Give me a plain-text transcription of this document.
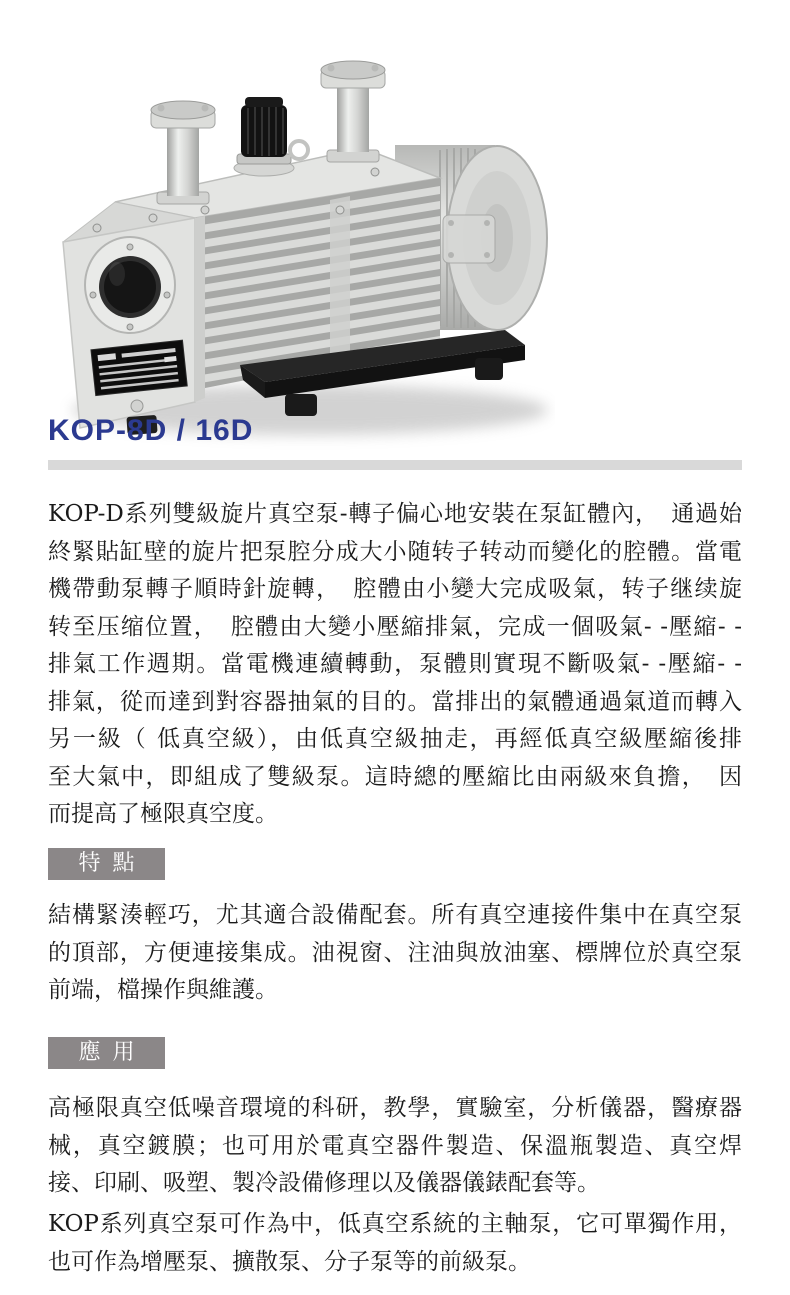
KOP-8D / 16D
KOP-D系列雙級旋片真空泵-轉子偏心地安裝在泵缸體內，　通過始
終緊貼缸壁的旋片把泵腔分成大小随转子转动而變化的腔體。當電
機帶動泵轉子順時針旋轉，　腔體由小變大完成吸氣，转子继续旋
转至压缩位置，　腔體由大變小壓縮排氣，完成一個吸氣- -壓縮- -
排氣工作週期。當電機連續轉動，泵體則實現不斷吸氣- -壓縮- -
排氣，從而達到對容器抽氣的目的。當排出的氣體通過氣道而轉入
另一級（ 低真空級），由低真空級抽走，再經低真空級壓縮後排
至大氣中，即組成了雙級泵。這時總的壓縮比由兩級來負擔，　因
而提高了極限真空度。
特點
結構緊湊輕巧，尤其適合設備配套。所有真空連接件集中在真空泵
的頂部，方便連接集成。油視窗、注油與放油塞、標牌位於真空泵
前端，檔操作與維護。
應用
高極限真空低噪音環境的科研，教學，實驗室，分析儀器，醫療器
械，真空鍍膜；也可用於電真空器件製造、保溫瓶製造、真空焊
接、印刷、吸塑、製冷設備修理以及儀器儀錶配套等。
KOP系列真空泵可作為中，低真空系統的主軸泵，它可單獨作用，
也可作為增壓泵、擴散泵、分子泵等的前級泵。
